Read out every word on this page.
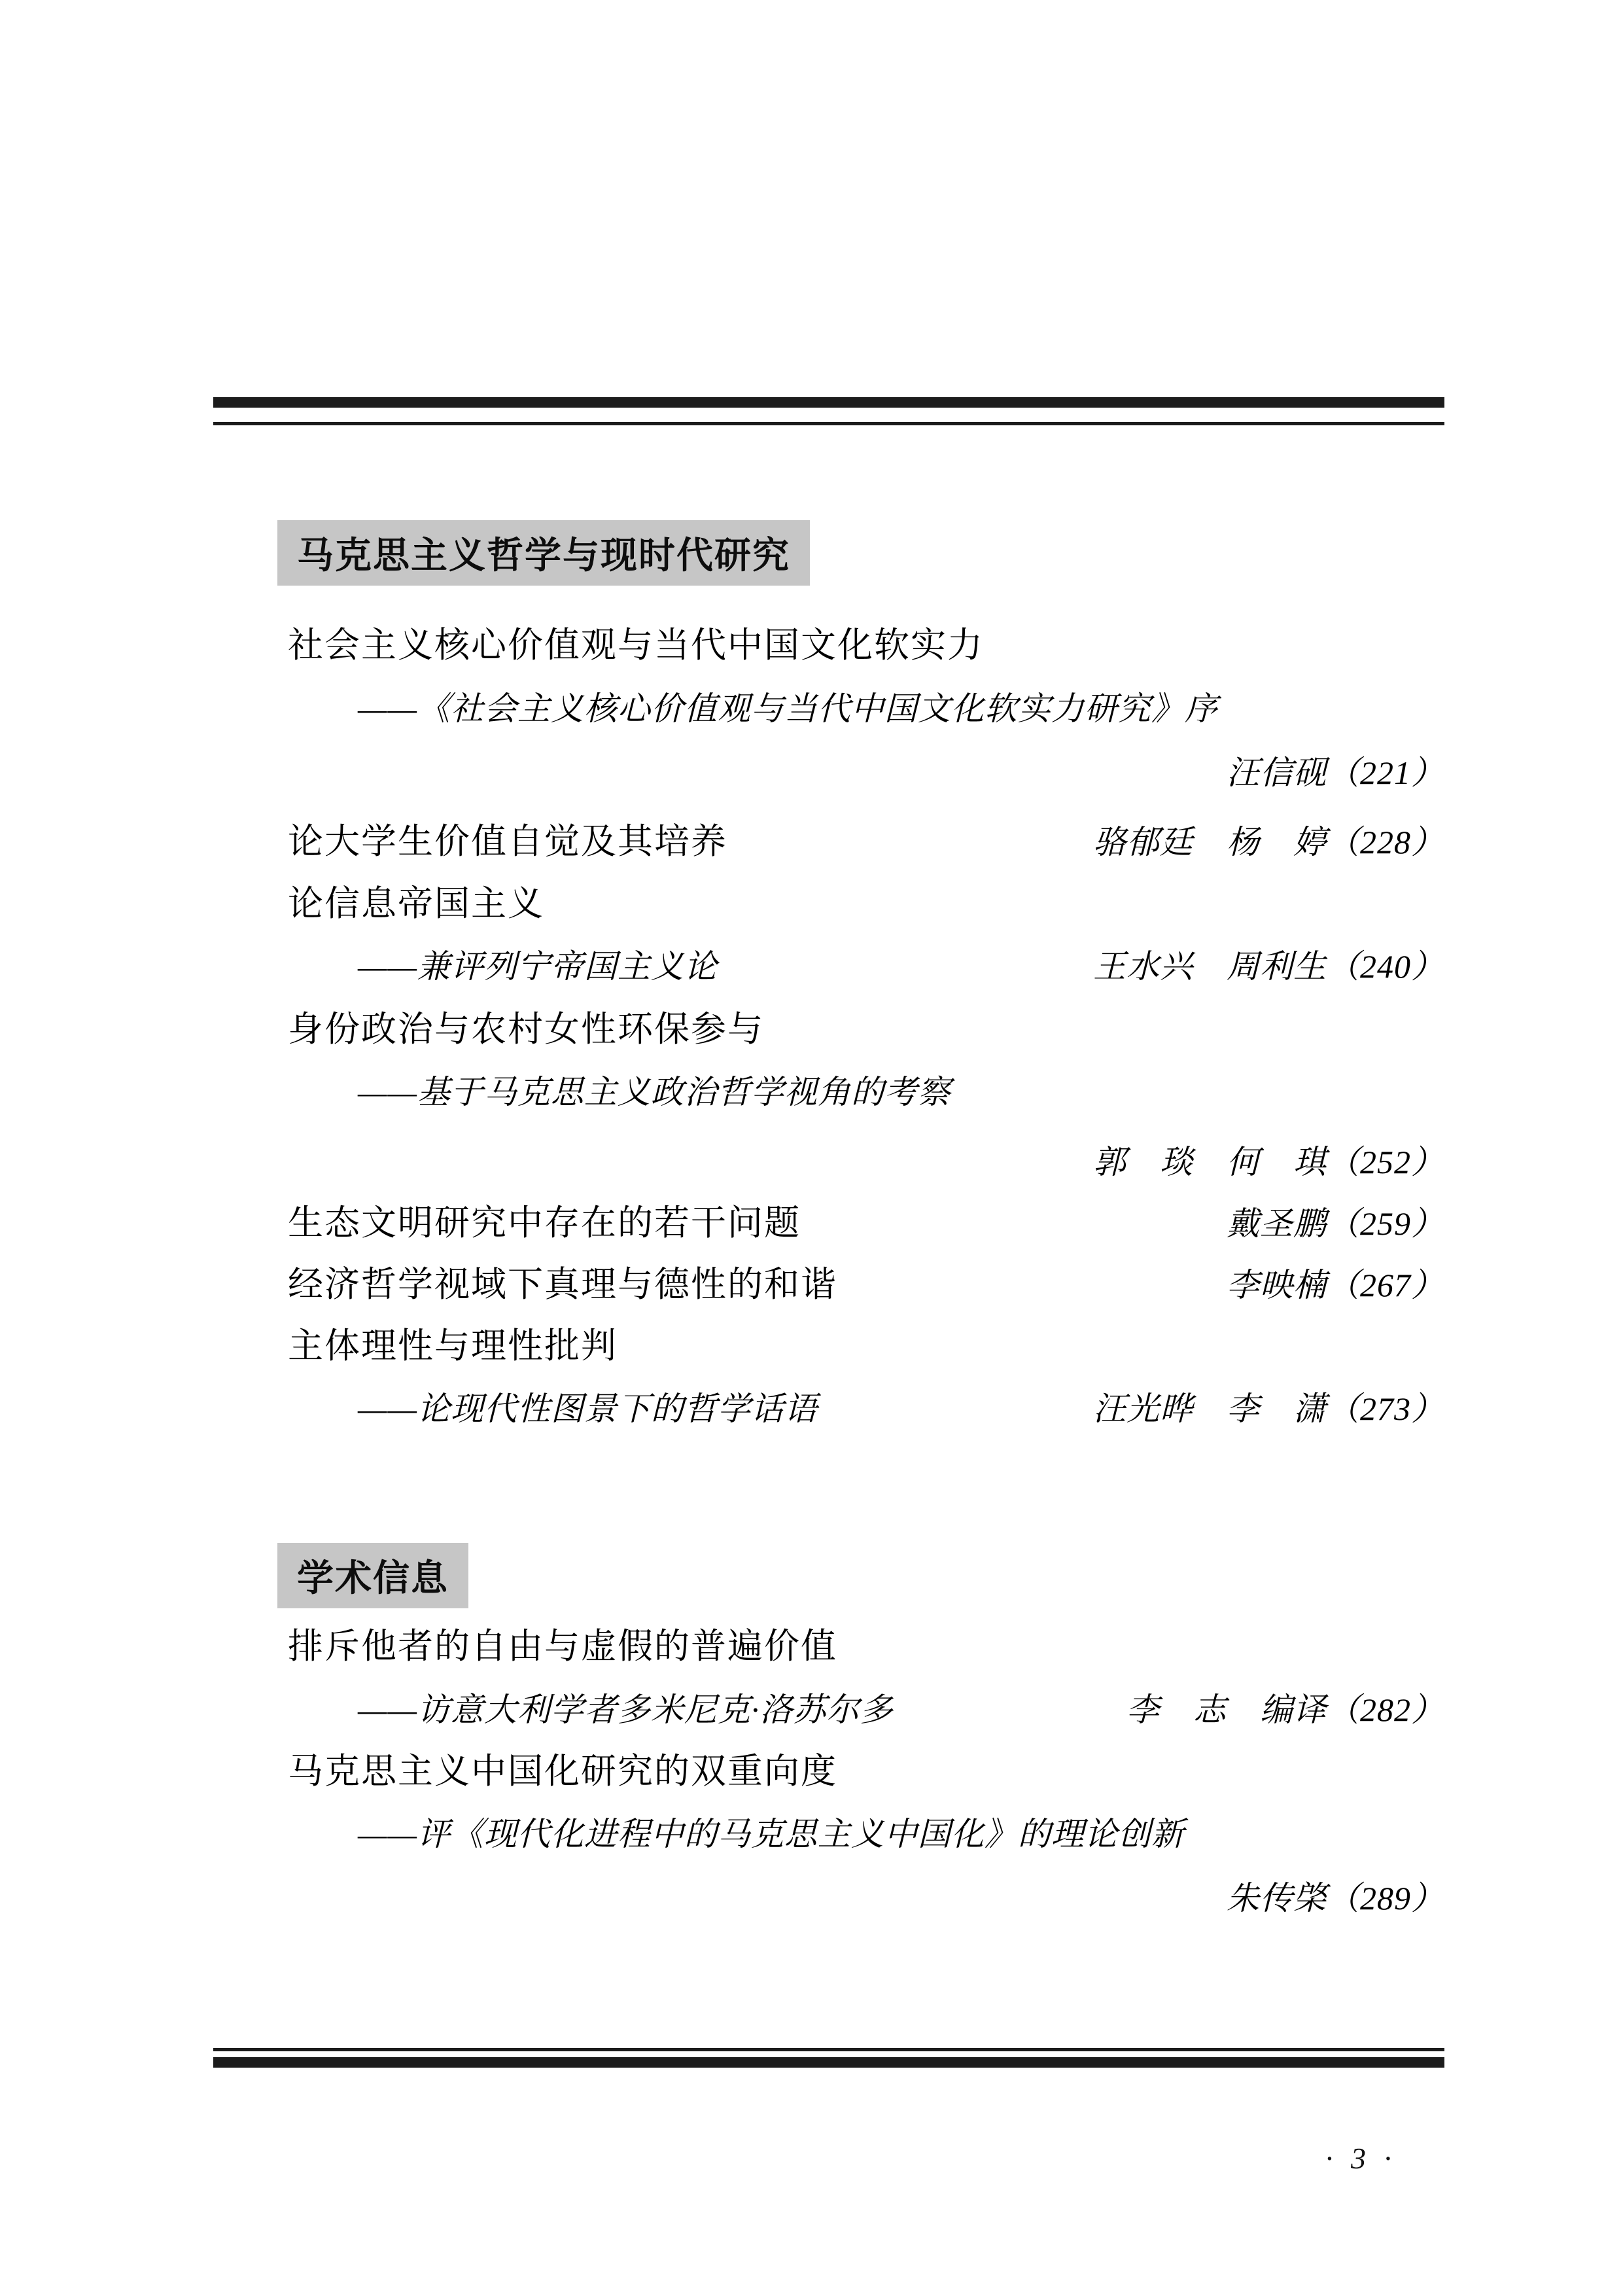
马克思主义哲学与现时代研究
学术信息
社会主义核心价值观与当代中国文化软实力
——《社会主义核心价值观与当代中国文化软实力研究》序
汪信砚（221）
论大学生价值自觉及其培养	骆郁廷　杨　婷（228）
论信息帝国主义
——兼评列宁帝国主义论	王水兴　周利生（240）
身份政治与农村女性环保参与
——基于马克思主义政治哲学视角的考察
郭　琰　何　琪（252）
生态文明研究中存在的若干问题	戴圣鹏（259）
经济哲学视域下真理与德性的和谐	李映楠（267）
主体理性与理性批判
——论现代性图景下的哲学话语	汪光晔　李　潇（273）
排斥他者的自由与虚假的普遍价值
——访意大利学者多米尼克·洛苏尔多	李　志　编译（282）
马克思主义中国化研究的双重向度
——评《现代化进程中的马克思主义中国化》的理论创新
朱传棨（289）
· 3 ·
